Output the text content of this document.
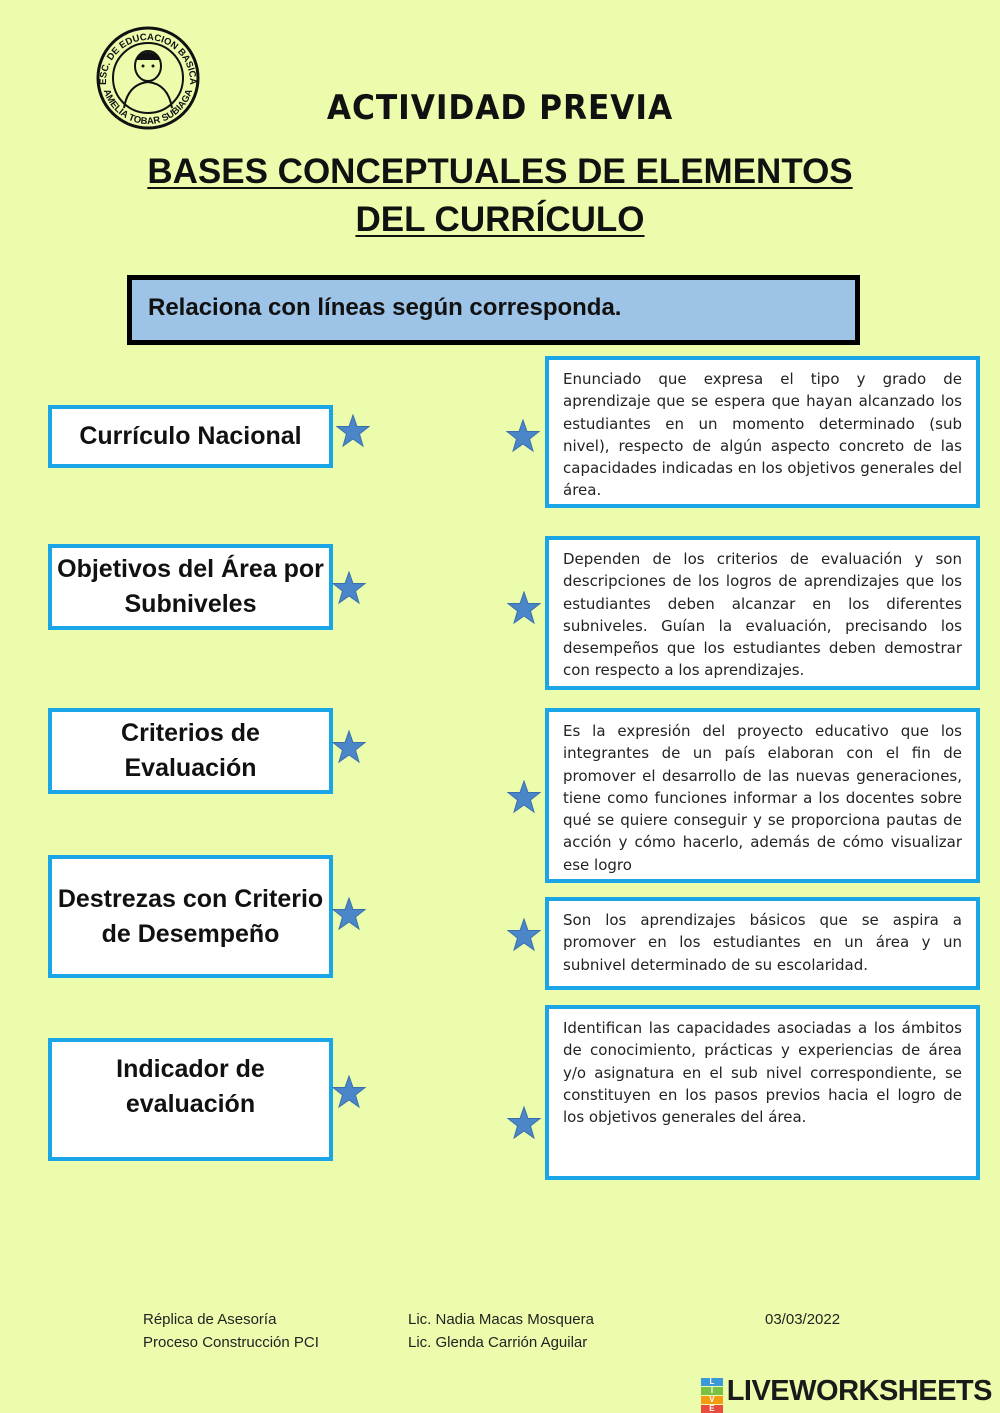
ESC. DE EDUCACION BASICA
AMELIA TOBAR SUBIAGA	ACTIVIDAD PREVIA
BASES CONCEPTUALES DE ELEMENTOS
DEL CURRÍCULO
Relaciona con líneas según corresponda.
Currículo Nacional
Objetivos del Área por Subniveles
Criterios de Evaluación
Destrezas con Criterio de Desempeño
Indicador de evaluación
Enunciado que expresa el tipo y grado de aprendizaje que se espera que hayan alcanzado los estudiantes en un momento determinado (sub nivel), respecto de algún aspecto concreto de las capacidades indicadas en los objetivos generales del área.
Dependen de los criterios de evaluación y son descripciones de los logros de aprendizajes que los estudiantes deben alcanzar en los diferentes subniveles. Guían la evaluación, precisando los desempeños que los estudiantes deben demostrar con respecto a los aprendizajes.
Es la expresión del proyecto educativo que los integrantes de un país elaboran con el fin de promover el desarrollo de las nuevas generaciones, tiene como funciones informar a los docentes sobre qué se quiere conseguir y se proporciona pautas de acción y cómo hacerlo, además de cómo visualizar ese logro
Son los aprendizajes básicos que se aspira a promover en los estudiantes en un área y un subnivel determinado de su escolaridad.
Identifican las capacidades asociadas a los ámbitos de conocimiento, prácticas y experiencias de área y/o asignatura en el sub nivel correspondiente, se constituyen en los pasos previos hacia el logro de los objetivos generales del área.
Réplica de Asesoría
Proceso Construcción PCI
Lic. Nadia Macas Mosquera
Lic. Glenda Carrión Aguilar
03/03/2022
L
I
V
E
LIVEWORKSHEETS
